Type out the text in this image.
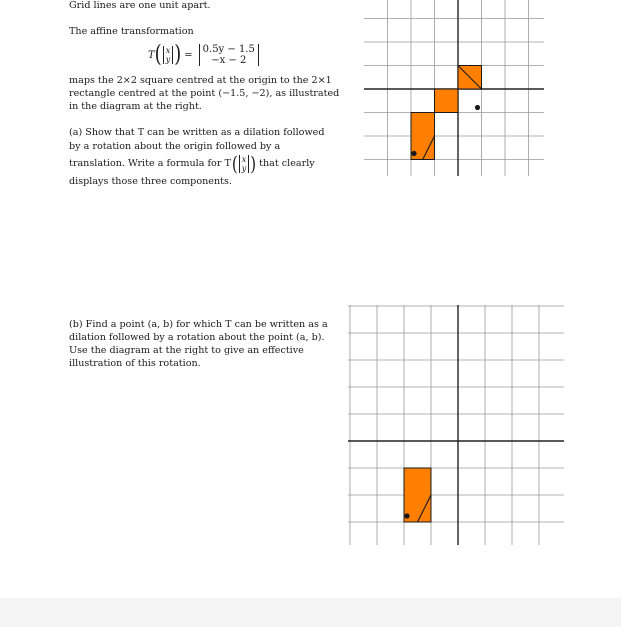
Grid lines are one unit apart.
The affine transformation
T ( x
y ) = 0.5y − 1.5
−x − 2
maps the 2×2 square centred at the origin to the 2×1
rectangle centred at the point (−1.5, −2), as illustrated
in the diagram at the right.
(a) Show that T can be written as a dilation followed
by a rotation about the origin followed by a
translation. Write a formula for T ( x
y ) that clearly
displays those three components.
(b) Find a point (a, b) for which T can be written as a
dilation followed by a rotation about the point (a, b).
Use the diagram at the right to give an effective
illustration of this rotation.
